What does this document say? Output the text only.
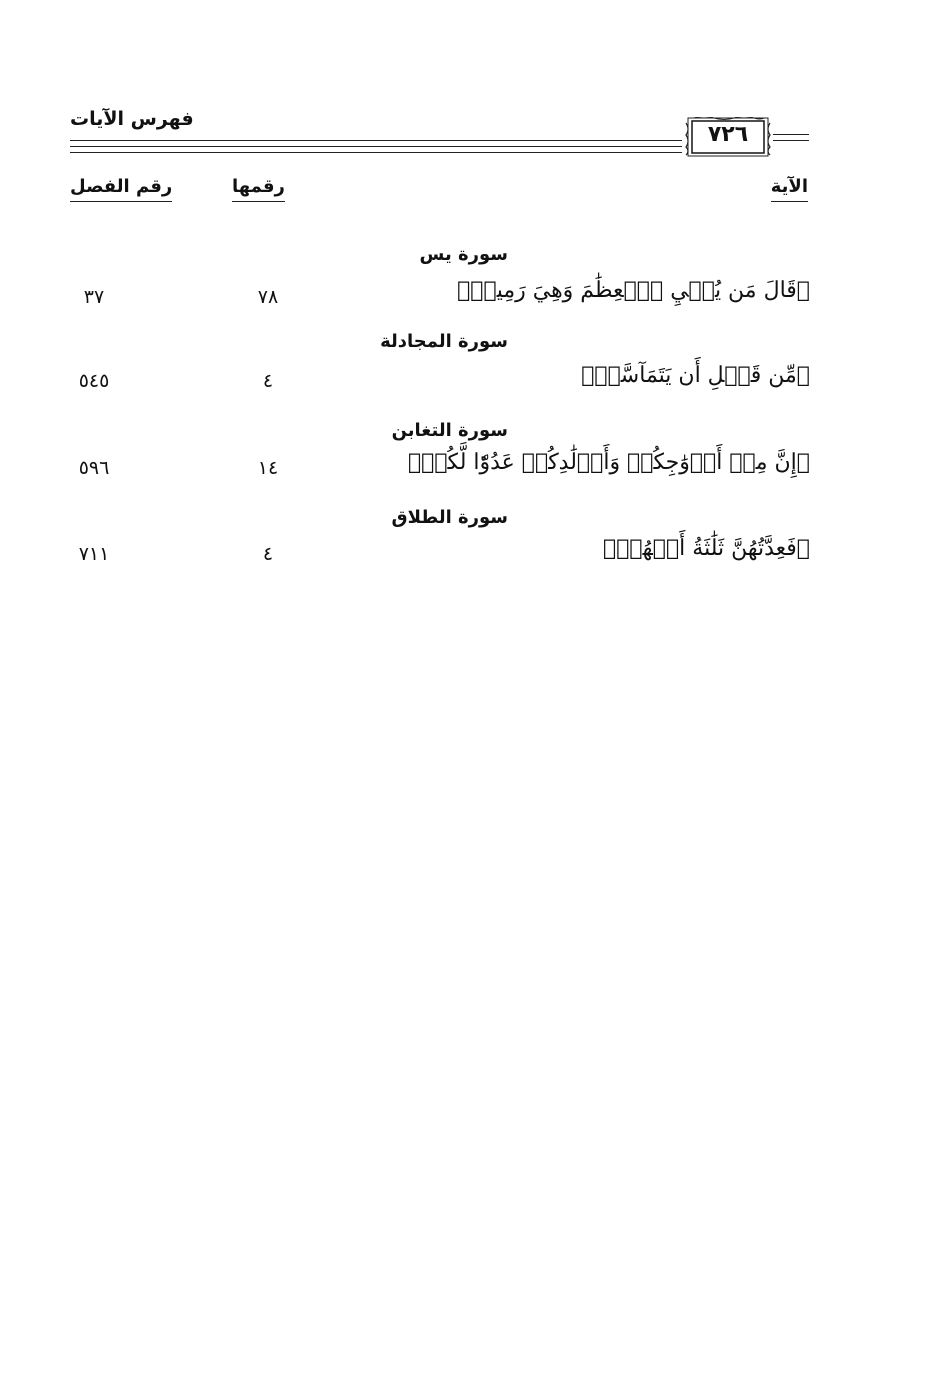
فهرس الآيات
٧٢٦
الآية
رقمها
رقم الفصل
سورة يس
﴿قَالَ مَن يُحۡيِ ٱلۡعِظَٰمَ وَهِيَ رَمِيمٞ﴾
٧٨
٣٧
سورة المجادلة
﴿مِّن قَبۡلِ أَن يَتَمَآسَّاۚ﴾
٤
٥٤٥
سورة التغابن
﴿إِنَّ مِنۡ أَزۡوَٰجِكُمۡ وَأَوۡلَٰدِكُمۡ عَدُوّٗا لَّكُمۡ﴾
١٤
٥٩٦
سورة الطلاق
﴿فَعِدَّتُهُنَّ ثَلَٰثَةُ أَشۡهُرٖ﴾
٤
٧١١
